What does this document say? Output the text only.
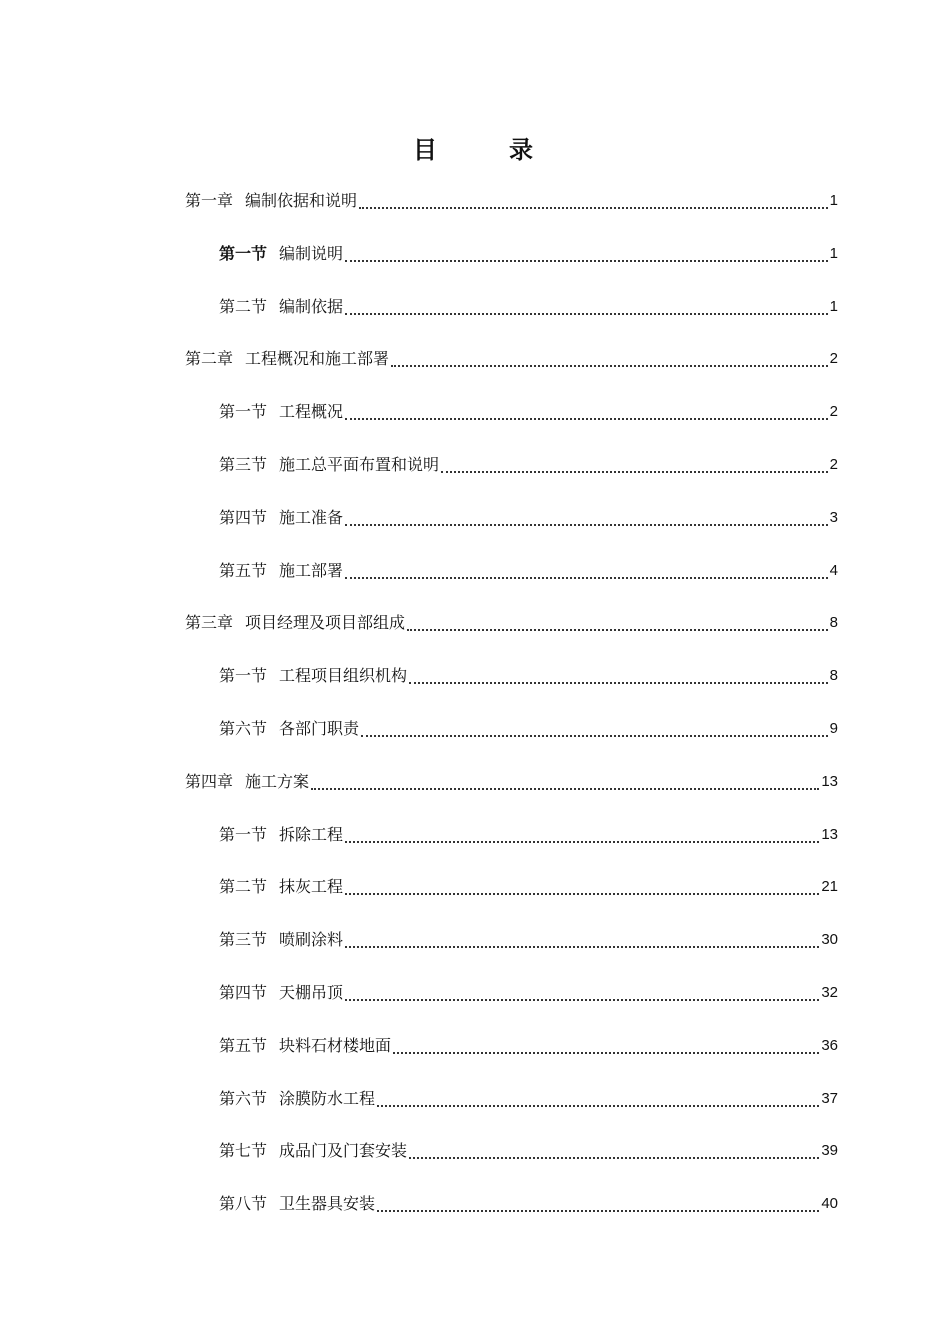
目　录
第一章 编制依据和说明	1
第一节 编制说明	1
第二节 编制依据	1
第二章 工程概况和施工部署	2
第一节 工程概况	2
第三节 施工总平面布置和说明	2
第四节 施工准备	3
第五节 施工部署	4
第三章 项目经理及项目部组成	8
第一节 工程项目组织机构	8
第六节 各部门职责	9
第四章 施工方案	13
第一节 拆除工程	13
第二节 抹灰工程	21
第三节 喷刷涂料	30
第四节 天棚吊顶	32
第五节 块料石材楼地面	36
第六节 涂膜防水工程	37
第七节 成品门及门套安装	39
第八节 卫生器具安装	40
